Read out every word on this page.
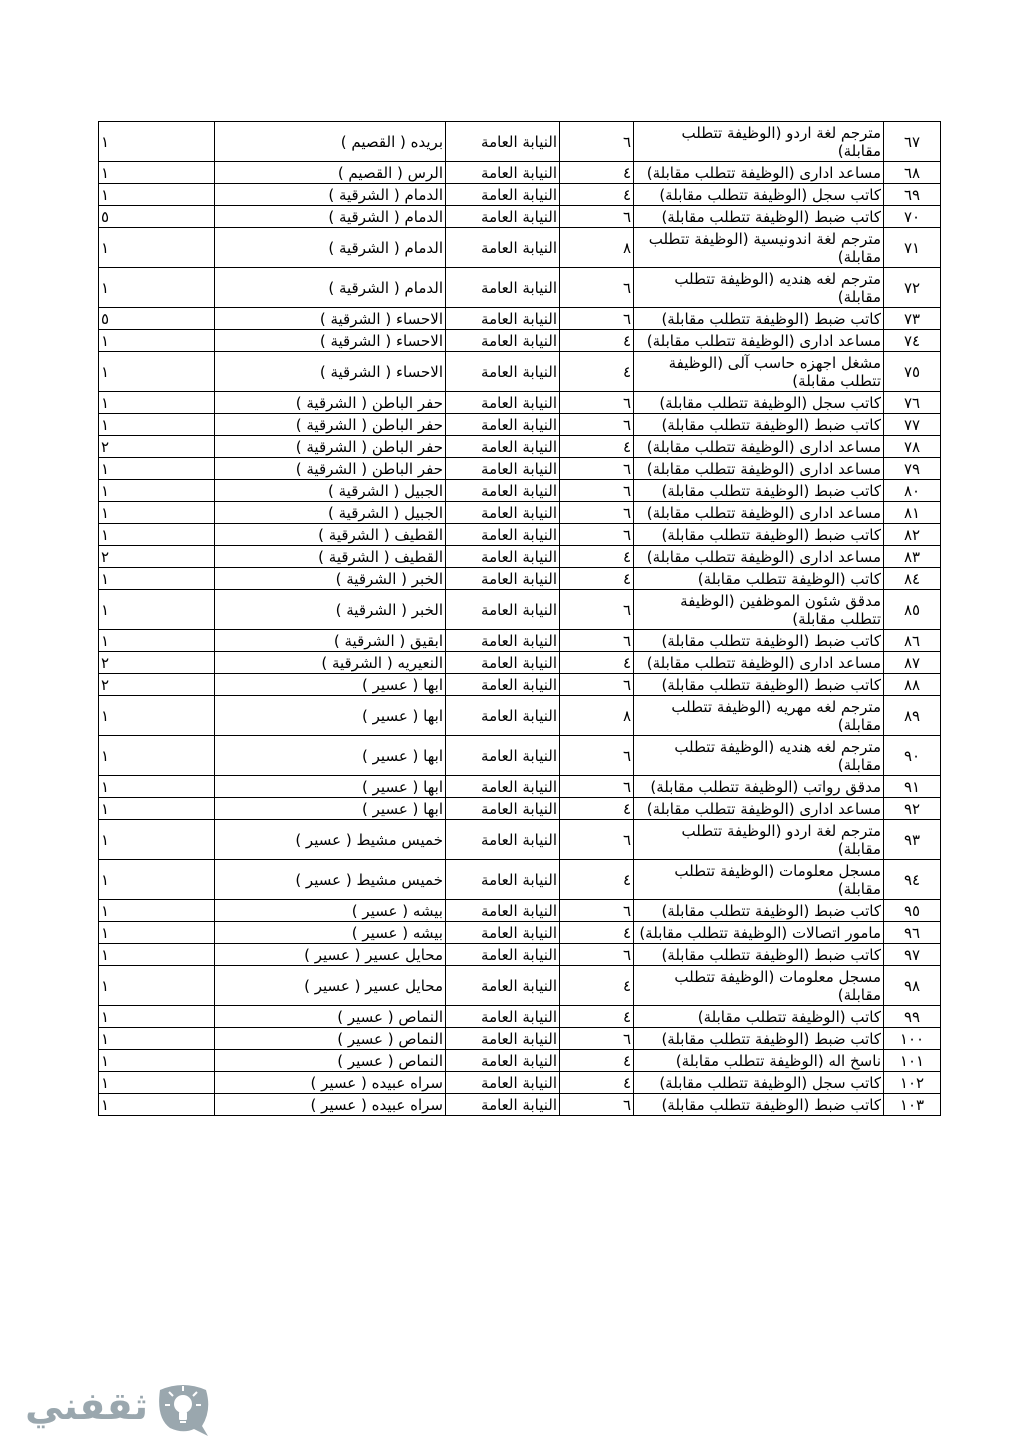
٦٧	مترجم لغة اردو (الوظيفة تتطلب مقابلة)	٦	النيابة العامة	بريده ( القصيم )	١
٦٨	مساعد ادارى (الوظيفة تتطلب مقابلة)	٤	النيابة العامة	الرس ( القصيم )	١
٦٩	كاتب سجل (الوظيفة تتطلب مقابلة)	٤	النيابة العامة	الدمام ( الشرقية )	١
٧٠	كاتب ضبط (الوظيفة تتطلب مقابلة)	٦	النيابة العامة	الدمام ( الشرقية )	٥
٧١	مترجم لغة اندونيسية (الوظيفة تتطلب مقابلة)	٨	النيابة العامة	الدمام ( الشرقية )	١
٧٢	مترجم لغه هنديه (الوظيفة تتطلب مقابلة)	٦	النيابة العامة	الدمام ( الشرقية )	١
٧٣	كاتب ضبط (الوظيفة تتطلب مقابلة)	٦	النيابة العامة	الاحساء ( الشرقية )	٥
٧٤	مساعد ادارى (الوظيفة تتطلب مقابلة)	٤	النيابة العامة	الاحساء ( الشرقية )	١
٧٥	مشغل اجهزه حاسب آلى (الوظيفة تتطلب مقابلة)	٤	النيابة العامة	الاحساء ( الشرقية )	١
٧٦	كاتب سجل (الوظيفة تتطلب مقابلة)	٦	النيابة العامة	حفر الباطن ( الشرقية )	١
٧٧	كاتب ضبط (الوظيفة تتطلب مقابلة)	٦	النيابة العامة	حفر الباطن ( الشرقية )	١
٧٨	مساعد ادارى (الوظيفة تتطلب مقابلة)	٤	النيابة العامة	حفر الباطن ( الشرقية )	٢
٧٩	مساعد ادارى (الوظيفة تتطلب مقابلة)	٦	النيابة العامة	حفر الباطن ( الشرقية )	١
٨٠	كاتب ضبط (الوظيفة تتطلب مقابلة)	٦	النيابة العامة	الجبيل ( الشرقية )	١
٨١	مساعد ادارى (الوظيفة تتطلب مقابلة)	٦	النيابة العامة	الجبيل ( الشرقية )	١
٨٢	كاتب ضبط (الوظيفة تتطلب مقابلة)	٦	النيابة العامة	القطيف ( الشرقية )	١
٨٣	مساعد ادارى (الوظيفة تتطلب مقابلة)	٤	النيابة العامة	القطيف ( الشرقية )	٢
٨٤	كاتب (الوظيفة تتطلب مقابلة)	٤	النيابة العامة	الخبر ( الشرقية )	١
٨٥	مدقق شئون الموظفين (الوظيفة تتطلب مقابلة)	٦	النيابة العامة	الخبر ( الشرقية )	١
٨٦	كاتب ضبط (الوظيفة تتطلب مقابلة)	٦	النيابة العامة	ابقيق ( الشرقية )	١
٨٧	مساعد ادارى (الوظيفة تتطلب مقابلة)	٤	النيابة العامة	النعيريه ( الشرقية )	٢
٨٨	كاتب ضبط (الوظيفة تتطلب مقابلة)	٦	النيابة العامة	ابها ( عسير )	٢
٨٩	مترجم لغه مهريه (الوظيفة تتطلب مقابلة)	٨	النيابة العامة	ابها ( عسير )	١
٩٠	مترجم لغه هنديه (الوظيفة تتطلب مقابلة)	٦	النيابة العامة	ابها ( عسير )	١
٩١	مدقق رواتب (الوظيفة تتطلب مقابلة)	٦	النيابة العامة	ابها ( عسير )	١
٩٢	مساعد ادارى (الوظيفة تتطلب مقابلة)	٤	النيابة العامة	ابها ( عسير )	١
٩٣	مترجم لغة اردو (الوظيفة تتطلب مقابلة)	٦	النيابة العامة	خميس مشيط ( عسير )	١
٩٤	مسجل معلومات (الوظيفة تتطلب مقابلة)	٤	النيابة العامة	خميس مشيط ( عسير )	١
٩٥	كاتب ضبط (الوظيفة تتطلب مقابلة)	٦	النيابة العامة	بيشه ( عسير )	١
٩٦	مامور اتصالات (الوظيفة تتطلب مقابلة)	٤	النيابة العامة	بيشه ( عسير )	١
٩٧	كاتب ضبط (الوظيفة تتطلب مقابلة)	٦	النيابة العامة	محايل عسير ( عسير )	١
٩٨	مسجل معلومات (الوظيفة تتطلب مقابلة)	٤	النيابة العامة	محايل عسير ( عسير )	١
٩٩	كاتب (الوظيفة تتطلب مقابلة)	٤	النيابة العامة	النماص ( عسير )	١
١٠٠	كاتب ضبط (الوظيفة تتطلب مقابلة)	٦	النيابة العامة	النماص ( عسير )	١
١٠١	ناسخ اله (الوظيفة تتطلب مقابلة)	٤	النيابة العامة	النماص ( عسير )	١
١٠٢	كاتب سجل (الوظيفة تتطلب مقابلة)	٤	النيابة العامة	سراه عبيده ( عسير )	١
١٠٣	كاتب ضبط (الوظيفة تتطلب مقابلة)	٦	النيابة العامة	سراه عبيده ( عسير )	١
ثقفني
